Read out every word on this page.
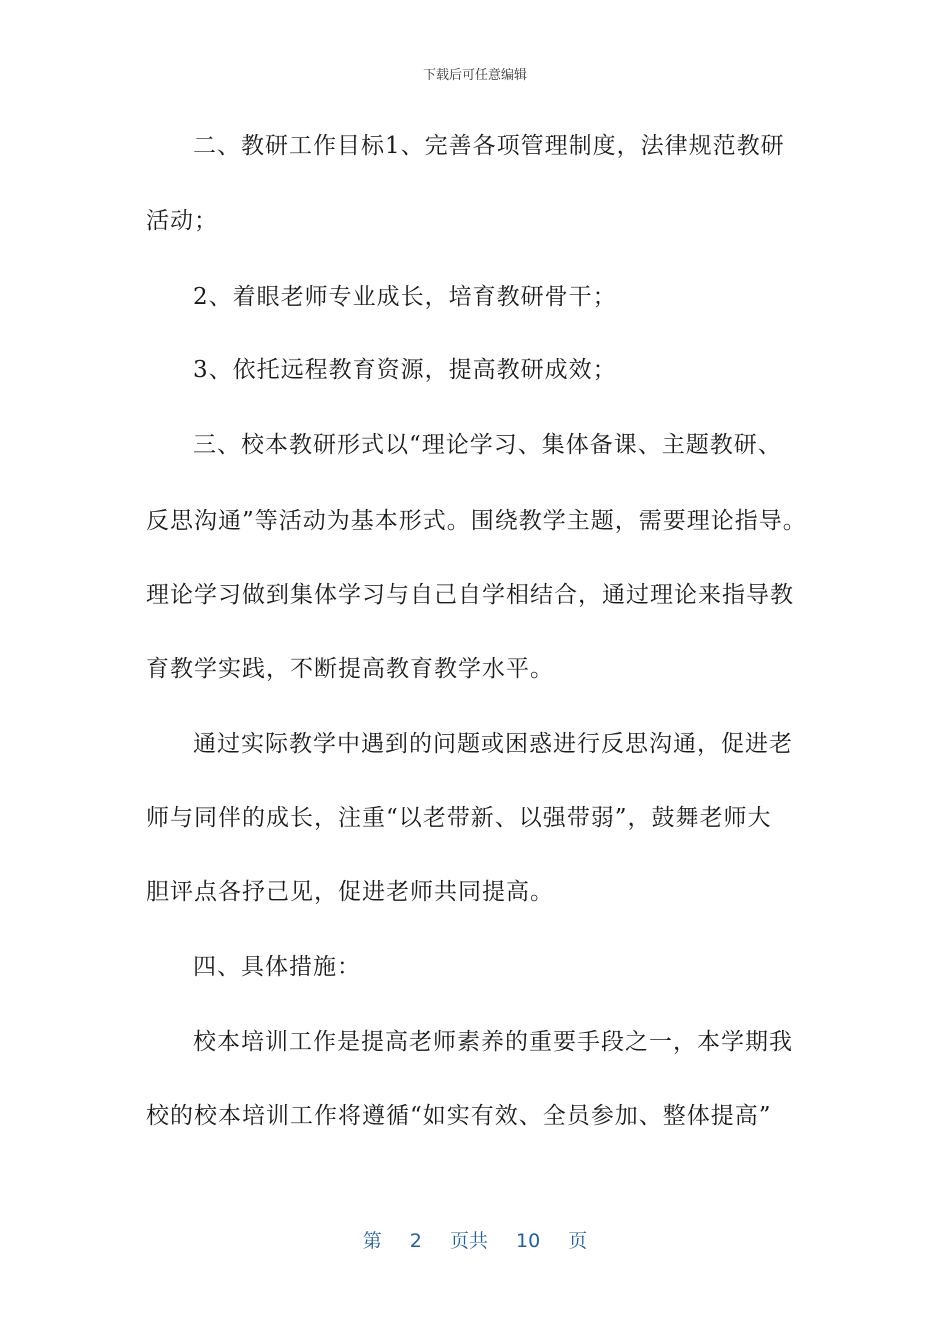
下载后可任意编辑
二、教研工作目标1、完善各项管理制度，法律规范教研
活动；
2、着眼老师专业成长，培育教研骨干；
3、依托远程教育资源，提高教研成效；
三、校本教研形式以“理论学习、集体备课、主题教研、
反思沟通”等活动为基本形式。围绕教学主题，需要理论指导。
理论学习做到集体学习与自己自学相结合，通过理论来指导教
育教学实践，不断提高教育教学水平。
通过实际教学中遇到的问题或困惑进行反思沟通，促进老
师与同伴的成长，注重“以老带新、以强带弱”，鼓舞老师大
胆评点各抒己见，促进老师共同提高。
四、具体措施：
校本培训工作是提高老师素养的重要手段之一，本学期我
校的校本培训工作将遵循“如实有效、全员参加、整体提高”
第 2 页共 10 页
